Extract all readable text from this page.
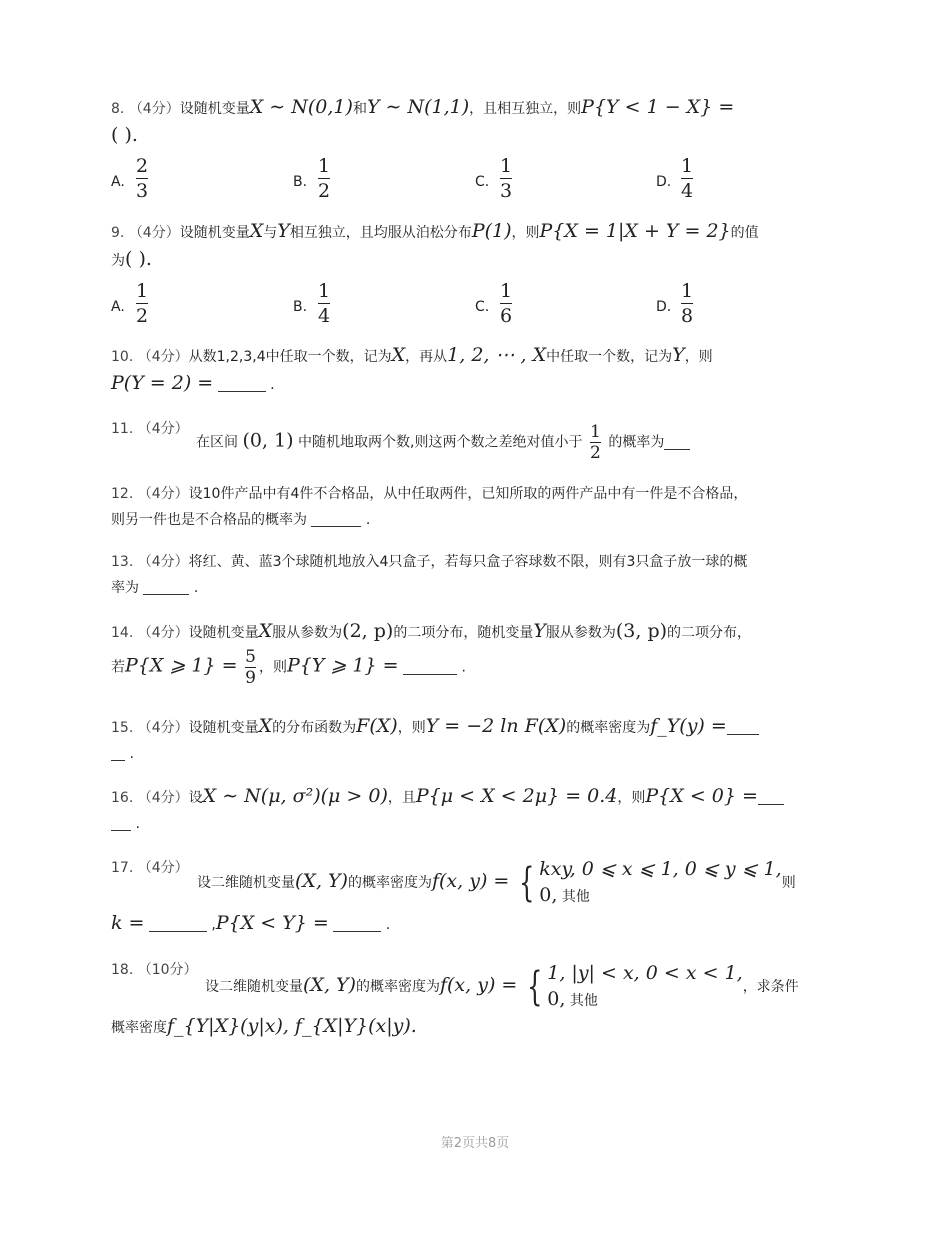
8. （4分）设随机变量X ∼ N(0,1)和Y ∼ N(1,1)，且相互独立，则P{Y < 1 − X} =
( ).
A.
2
3	B.
1
2	C.
1
3	D.
1
4
9. （4分）设随机变量X与Y相互独立，且均服从泊松分布P(1)，则P{X = 1|X + Y = 2}的值
为( ).
A.
1
2	B.
1
4	C.
1
6	D.
1
8
10. （4分）从数1,2,3,4中任取一个数，记为X，再从1, 2, ⋯ , X中任取一个数，记为Y，则
P(Y = 2) =	.
11. （4分）
在区间 (0, 1) 中随机地取两个数,则这两个数之差绝对值小于 $\frac{1}{2}$ 的概率为
12. （4分）设10件产品中有4件不合格品，从中任取两件，已知所取的两件产品中有一件是不合格品，
则另一件也是不合格品的概率为	.
13. （4分）将红、黄、蓝3个球随机地放入4只盒子，若每只盒子容球数不限，则有3只盒子放一球的概
率为	.
14. （4分）设随机变量X服从参数为(2, p)的二项分布，随机变量Y服从参数为(3, p)的二项分布，
若P{X ⩾ $1\} = \frac{5}{9}$ ，则P{Y ⩾ 1} =	.
15. （4分）设随机变量X的分布函数为F(X)，则Y = −2 ln F(X)的概率密度为f_Y(y) =
.
16. （4分）设X ∼ N(μ, σ²)(μ > 0)，且P{μ < X < 2μ} = 0.4，则P{X < 0} =
.
17. （4分）
设二维随机变量(X, Y)的概率密度为f(x, y) = { kxy, 0 ⩽ x ⩽ 1, 0 ⩽ y ⩽ 1,
0, 其他
则
k =	,P{X < Y} =	.
18. （10分）
设二维随机变量(X, Y)的概率密度为f(x, y) = { 1, |y| < x, 0 < x < 1,
0, 其他
，求条件
概率密度f_{Y|X}(y|x), f_{X|Y}(x|y).
第2页共8页
